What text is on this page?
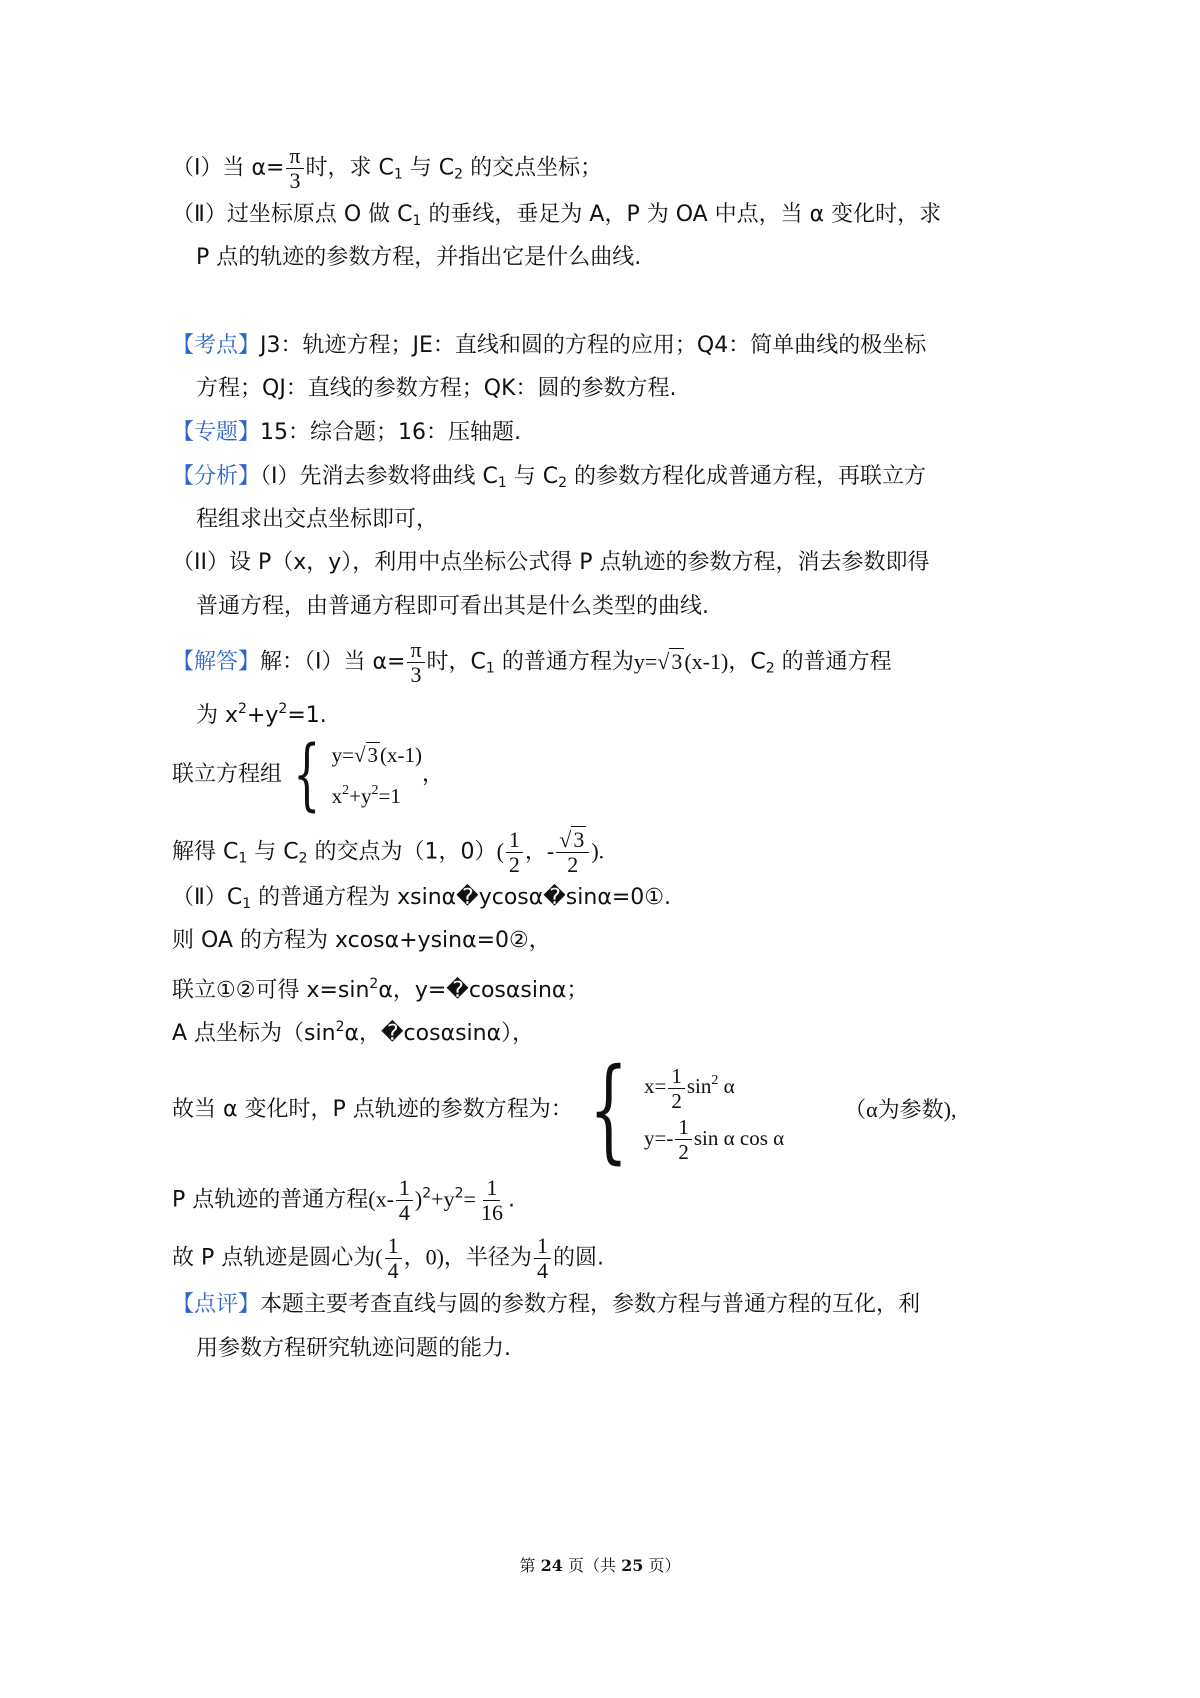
（Ⅰ）当 $\alpha= \frac{\pi}{3}$ 时，求 $C_1$ 与 $C_2$ 的交点坐标；
（Ⅱ）过坐标原点 O 做 $C_1$ 的垂线，垂足为 A，P 为 OA 中点，当 α 变化时，求
P 点的轨迹的参数方程，并指出它是什么曲线.
【考点】J3：轨迹方程；JE：直线和圆的方程的应用；Q4：简单曲线的极坐标
方程；QJ：直线的参数方程；QK：圆的参数方程.
【专题】15：综合题；16：压轴题.
【分析】（I）先消去参数将曲线 $C_1$ 与 $C_2$ 的参数方程化成普通方程，再联立方
程组求出交点坐标即可，
（II）设 P（x，y），利用中点坐标公式得 P 点轨迹的参数方程，消去参数即得
普通方程，由普通方程即可看出其是什么类型的曲线.
【解答】解：（Ⅰ）当 $\alpha= \frac{\pi}{3}$ 时，$C_1$ 的普通方程为y=√3(x-1)，$C_2$ 的普通方程
为 $x^2+y^2=1$.
联立方程组 { y=√3(x-1)
$x^2+y^2=1$
，
解得 $C_1$ 与 $C_2$ 的交点为（1，$0)( \frac{1}{2}$ ，- $\frac{√3}{2}$ ).
$(Ⅱ)C_1$ 的普通方程为 xsinα�ycosα�sinα=0①.
则 OA 的方程为 xcosα+ysinα=0②，
联立①②可得 $x=\sin^2\alpha$，y=�cosαsinα；
A 点坐标为（$\sin^2\alpha$，�cosαsinα），
故当 α 变化时，P 点轨迹的参数方程为： { $x= \frac{1}{2} \sin^2 \alpha$
$y=- \frac{1}{2}$ sin α cos α
（α为参数),
P 点轨迹的普通方程$(x- \frac{1}{4} )^2+y^2= \frac{1}{16}$ .
故 P 点轨迹是圆心为( $\frac{1}{4}$ ，0)，半径为 $\frac{1}{4}$ 的圆.
【点评】本题主要考查直线与圆的参数方程，参数方程与普通方程的互化，利
用参数方程研究轨迹问题的能力.
第 24 页（共 25 页）
